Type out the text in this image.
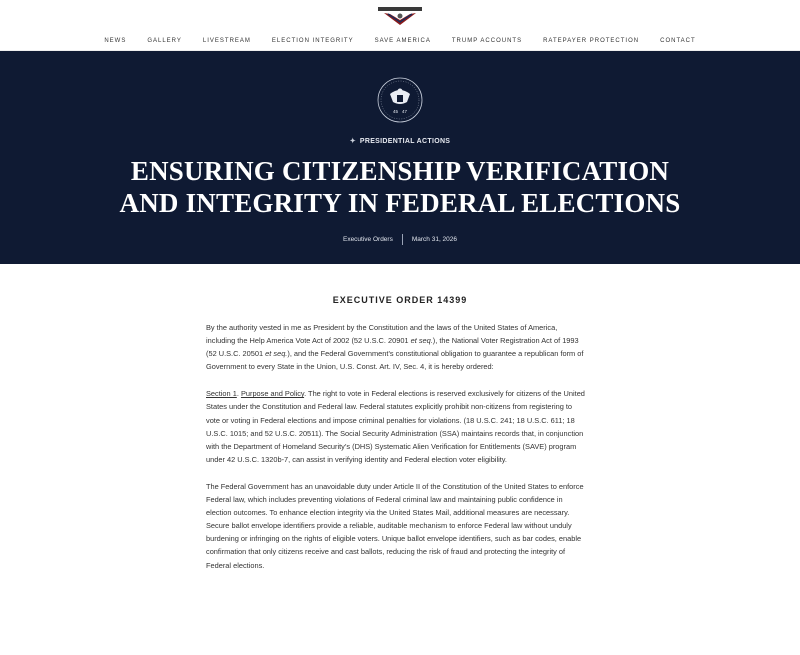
NEWS	GALLERY	LIVESTREAM	ELECTION INTEGRITY	SAVE AMERICA	TRUMP ACCOUNTS	RATEPAYER PROTECTION	CONTACT
45 47
✦ PRESIDENTIAL ACTIONS
ENSURING CITIZENSHIP VERIFICATION
AND INTEGRITY IN FEDERAL ELECTIONS
Executive Orders	March 31, 2026
EXECUTIVE ORDER 14399

By the authority vested in me as President by the Constitution and the laws of the United States of America, including the Help America Vote Act of 2002 (52 U.S.C. 20901 et seq.), the National Voter Registration Act of 1993 (52 U.S.C. 20501 et seq.), and the Federal Government’s constitutional obligation to guarantee a republican form of Government to every State in the Union, U.S. Const. Art. IV, Sec. 4, it is hereby ordered:

Section 1. Purpose and Policy. The right to vote in Federal elections is reserved exclusively for citizens of the United States under the Constitution and Federal law. Federal statutes explicitly prohibit non-citizens from registering to vote or voting in Federal elections and impose criminal penalties for violations. (18 U.S.C. 241; 18 U.S.C. 611; 18 U.S.C. 1015; and 52 U.S.C. 20511). The Social Security Administration (SSA) maintains records that, in conjunction with the Department of Homeland Security’s (DHS) Systematic Alien Verification for Entitlements (SAVE) program under 42 U.S.C. 1320b-7, can assist in verifying identity and Federal election voter eligibility.

The Federal Government has an unavoidable duty under Article II of the Constitution of the United States to enforce Federal law, which includes preventing violations of Federal criminal law and maintaining public confidence in election outcomes. To enhance election integrity via the United States Mail, additional measures are necessary. Secure ballot envelope identifiers provide a reliable, auditable mechanism to enforce Federal law without unduly burdening or infringing on the rights of eligible voters. Unique ballot envelope identifiers, such as bar codes, enable confirmation that only citizens receive and cast ballots, reducing the risk of fraud and protecting the integrity of Federal elections.
